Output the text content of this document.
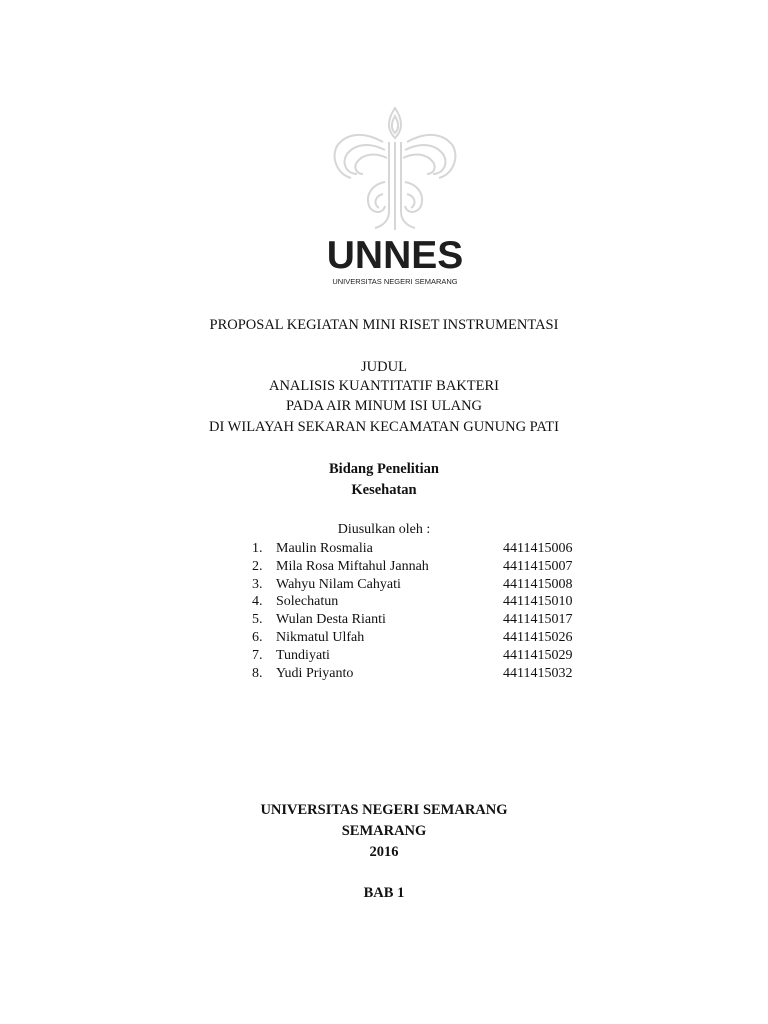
UNNES
UNIVERSITAS NEGERI SEMARANG
PROPOSAL KEGIATAN MINI RISET INSTRUMENTASI
JUDUL
ANALISIS KUANTITATIF BAKTERI
PADA AIR MINUM ISI ULANG
DI WILAYAH SEKARAN KECAMATAN GUNUNG PATI
Bidang Penelitian
Kesehatan
Diusulkan oleh :
1. Maulin Rosmalia	4411415006
2. Mila Rosa Miftahul Jannah	4411415007
3. Wahyu Nilam Cahyati	4411415008
4. Solechatun	4411415010
5. Wulan Desta Rianti	4411415017
6. Nikmatul Ulfah	4411415026
7. Tundiyati	4411415029
8. Yudi Priyanto	4411415032
UNIVERSITAS NEGERI SEMARANG
SEMARANG
2016
BAB 1
